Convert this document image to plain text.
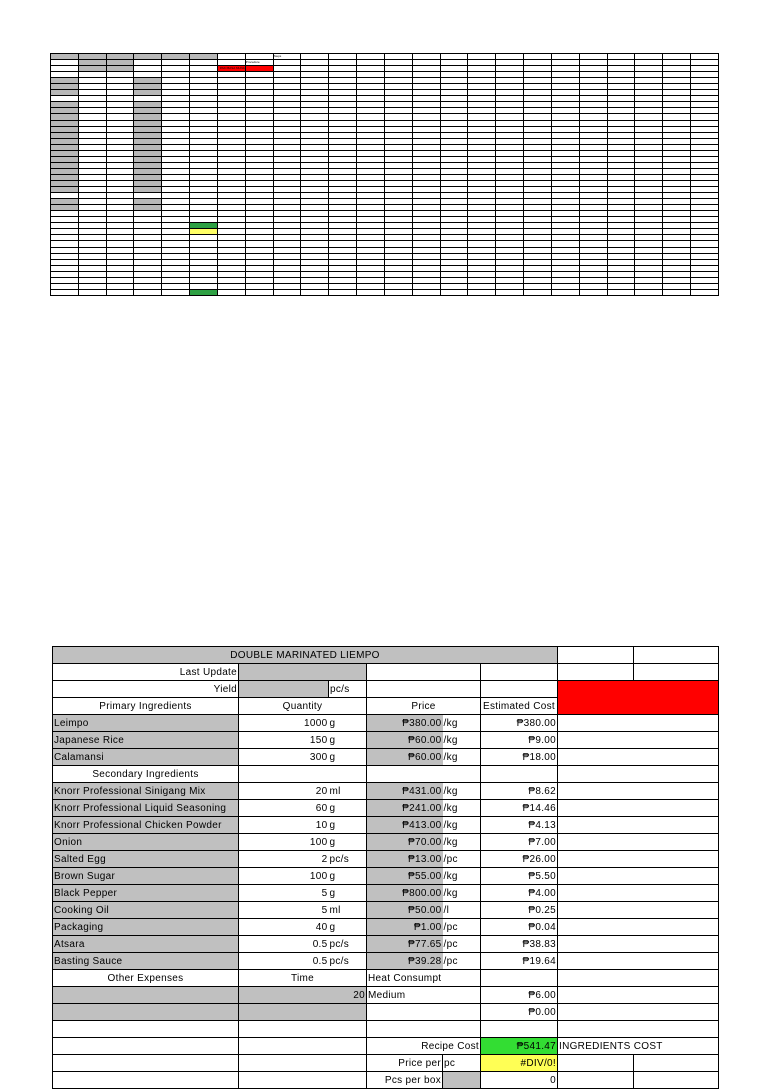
								Steps															
							Procedure																
						PAKI BASA MUNA																	

DOUBLE MARINATED LIEMPO							
Last Update							
Yield		pc/s					
Primary Ingredients	Quantity		Price		Estimated Cost		
Leimpo	1000	g	₱380.00	/kg	₱380.00		
Japanese Rice	150	g	₱60.00	/kg	₱9.00		
Calamansi	300	g	₱60.00	/kg	₱18.00		
Secondary Ingredients							
Knorr Professional Sinigang Mix	20	ml	₱431.00	/kg	₱8.62		
Knorr Professional Liquid Seasoning	60	g	₱241.00	/kg	₱14.46		
Knorr Professional Chicken Powder	10	g	₱413.00	/kg	₱4.13		
Onion	100	g	₱70.00	/kg	₱7.00		
Salted Egg	2	pc/s	₱13.00	/pc	₱26.00		
Brown Sugar	100	g	₱55.00	/kg	₱5.50		
Black Pepper	5	g	₱800.00	/kg	₱4.00		
Cooking Oil	5	ml	₱50.00	/l	₱0.25		
Packaging	40	g	₱1.00	/pc	₱0.04		
Atsara	0.5	pc/s	₱77.65	/pc	₱38.83		
Basting Sauce	0.5	pc/s	₱39.28	/pc	₱19.64		
Other Expenses	Time		Heat Consumpt				
	20		Medium		₱6.00		
					₱0.00		

			Recipe Cost		₱541.47	INGREDIENTS COST	
			Price per	pc	#DIV/0!		
			Pcs per box		0		
